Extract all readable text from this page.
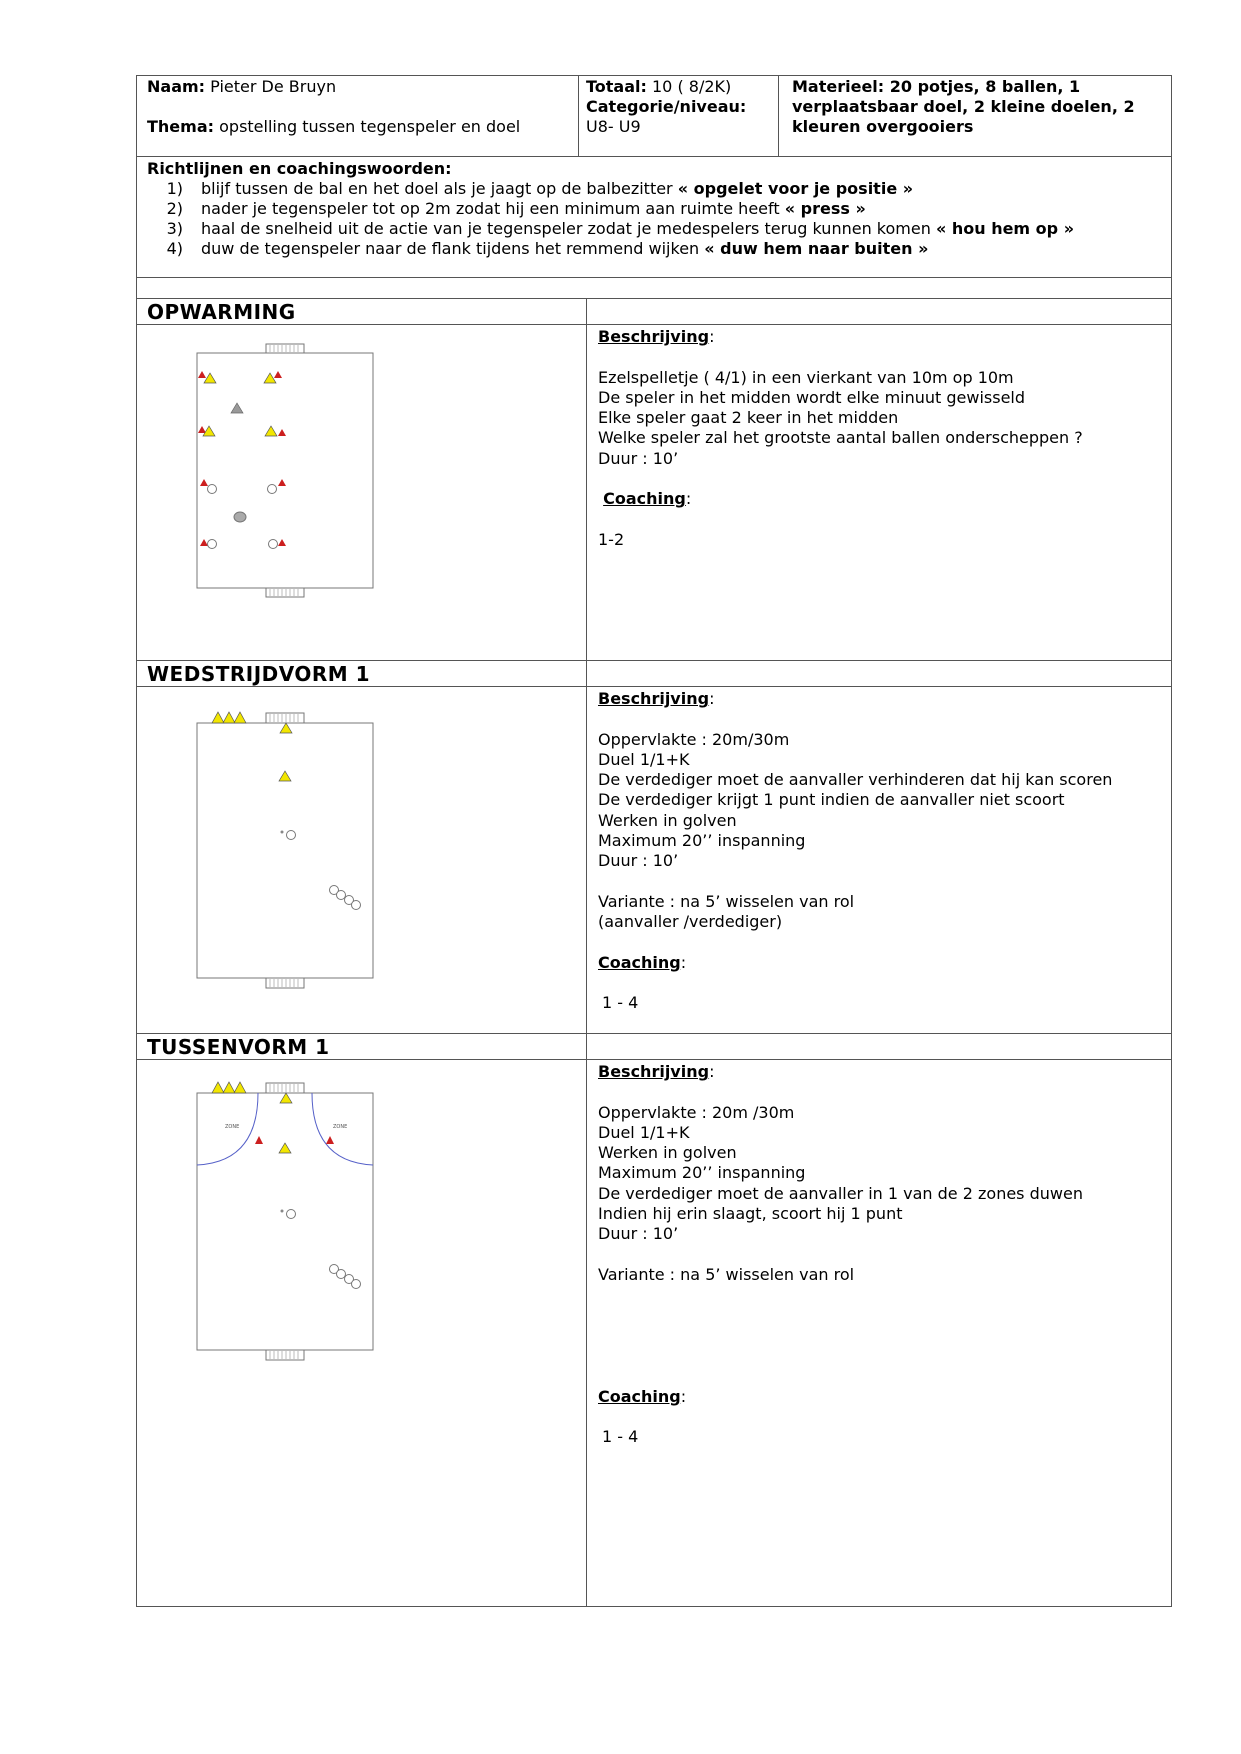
Naam: Pieter De Bruyn
Thema: opstelling tussen tegenspeler en doel
Totaal: 10 ( 8/2K)
Categorie/niveau:
U8- U9
Materieel: 20 potjes, 8 ballen, 1
verplaatsbaar doel, 2 kleine doelen, 2
kleuren overgooiers
Richtlijnen en coachingswoorden:
1) blijf tussen de bal en het doel als je jaagt op de balbezitter « opgelet voor je positie »
2) nader je tegenspeler tot op 2m zodat hij een minimum aan ruimte heeft « press »
3) haal de snelheid uit de actie van je tegenspeler zodat je medespelers terug kunnen komen « hou hem op »
4) duw de tegenspeler naar de flank tijdens het remmend wijken « duw hem naar buiten »
OPWARMING
WEDSTRIJDVORM 1
TUSSENVORM 1

Beschrijving:

Ezelspelletje ( 4/1) in een vierkant van 10m op 10m

De speler in het midden wordt elke minuut gewisseld

Elke speler gaat 2 keer in het midden

Welke speler zal het grootste aantal ballen onderscheppen ?

Duur : 10’

Coaching:

1-2

Beschrijving:

Oppervlakte : 20m/30m

Duel 1/1+K

De verdediger moet de aanvaller verhinderen dat hij kan scoren

De verdediger krijgt 1 punt indien de aanvaller niet scoort

Werken in golven

Maximum 20’’ inspanning

Duur : 10’

Variante : na 5’ wisselen van rol

(aanvaller /verdediger)

Coaching:

1 - 4

Beschrijving:

Oppervlakte : 20m /30m

Duel 1/1+K

Werken in golven

Maximum 20’’ inspanning

De verdediger moet de aanvaller in 1 van de 2 zones duwen

Indien hij erin slaagt, scoort hij 1 punt

Duur : 10’

Variante : na 5’ wisselen van rol

Coaching:

1 - 4

ZONE	ZONE
